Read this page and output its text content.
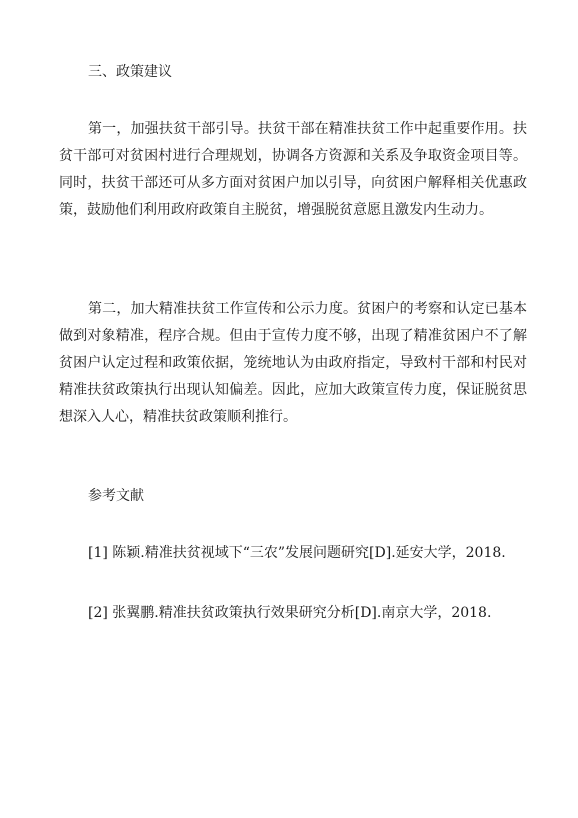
三、政策建议

第一，加强扶贫干部引导。扶贫干部在精准扶贫工作中起重要作用。扶贫干部可对贫困村进行合理规划，协调各方资源和关系及争取资金项目等。同时，扶贫干部还可从多方面对贫困户加以引导，向贫困户解释相关优惠政策，鼓励他们利用政府政策自主脱贫，增强脱贫意愿且激发内生动力。

第二，加大精准扶贫工作宣传和公示力度。贫困户的考察和认定已基本做到对象精准，程序合规。但由于宣传力度不够，出现了精准贫困户不了解贫困户认定过程和政策依据，笼统地认为由政府指定，导致村干部和村民对精准扶贫政策执行出现认知偏差。因此，应加大政策宣传力度，保证脱贫思想深入人心，精准扶贫政策顺利推行。

参考文献
[1] 陈颖.精准扶贫视域下“三农”发展问题研究[D].延安大学，2018.
[2] 张翼鹏.精准扶贫政策执行效果研究分析[D].南京大学，2018.
